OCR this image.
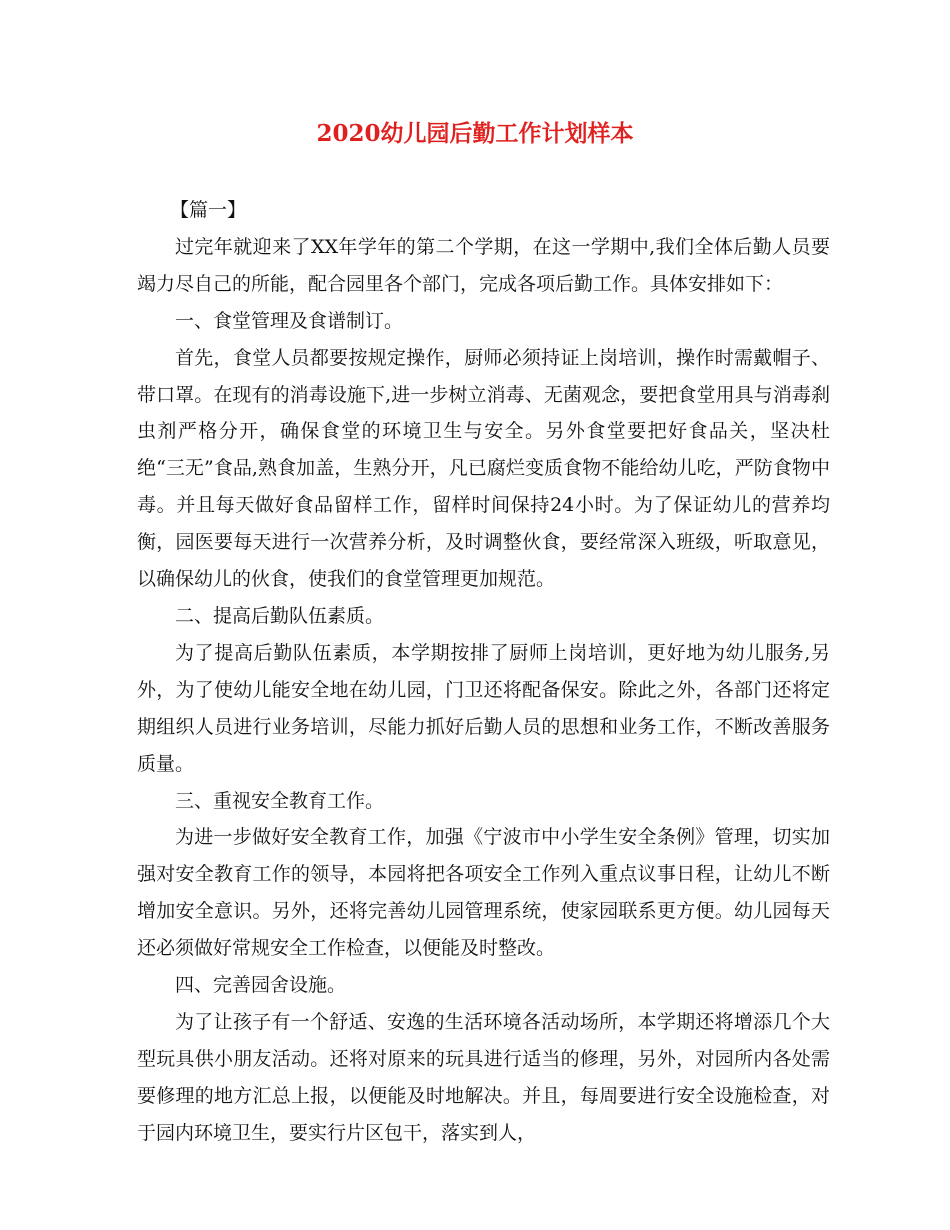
2020幼儿园后勤工作计划样本

【篇一】

过完年就迎来了XX年学年的第二个学期，在这一学期中,我们全体后勤人员要竭力尽自己的所能，配合园里各个部门，完成各项后勤工作。具体安排如下：

一、食堂管理及食谱制订。

首先，食堂人员都要按规定操作，厨师必须持证上岗培训，操作时需戴帽子、带口罩。在现有的消毒设施下,进一步树立消毒、无菌观念，要把食堂用具与消毒刹虫剂严格分开，确保食堂的环境卫生与安全。另外食堂要把好食品关，坚决杜绝“三无”食品,熟食加盖，生熟分开，凡已腐烂变质食物不能给幼儿吃，严防食物中毒。并且每天做好食品留样工作，留样时间保持24小时。为了保证幼儿的营养均衡，园医要每天进行一次营养分析，及时调整伙食，要经常深入班级，听取意见，以确保幼儿的伙食，使我们的食堂管理更加规范。

二、提高后勤队伍素质。

为了提高后勤队伍素质，本学期按排了厨师上岗培训，更好地为幼儿服务,另外，为了使幼儿能安全地在幼儿园，门卫还将配备保安。除此之外，各部门还将定期组织人员进行业务培训，尽能力抓好后勤人员的思想和业务工作，不断改善服务质量。

三、重视安全教育工作。

为进一步做好安全教育工作，加强《宁波市中小学生安全条例》管理，切实加强对安全教育工作的领导，本园将把各项安全工作列入重点议事日程，让幼儿不断增加安全意识。另外，还将完善幼儿园管理系统，使家园联系更方便。幼儿园每天还必须做好常规安全工作检查，以便能及时整改。

四、完善园舍设施。

为了让孩子有一个舒适、安逸的生活环境各活动场所，本学期还将增添几个大型玩具供小朋友活动。还将对原来的玩具进行适当的修理，另外，对园所内各处需要修理的地方汇总上报，以便能及时地解决。并且，每周要进行安全设施检查，对于园内环境卫生，要实行片区包干，落实到人，
